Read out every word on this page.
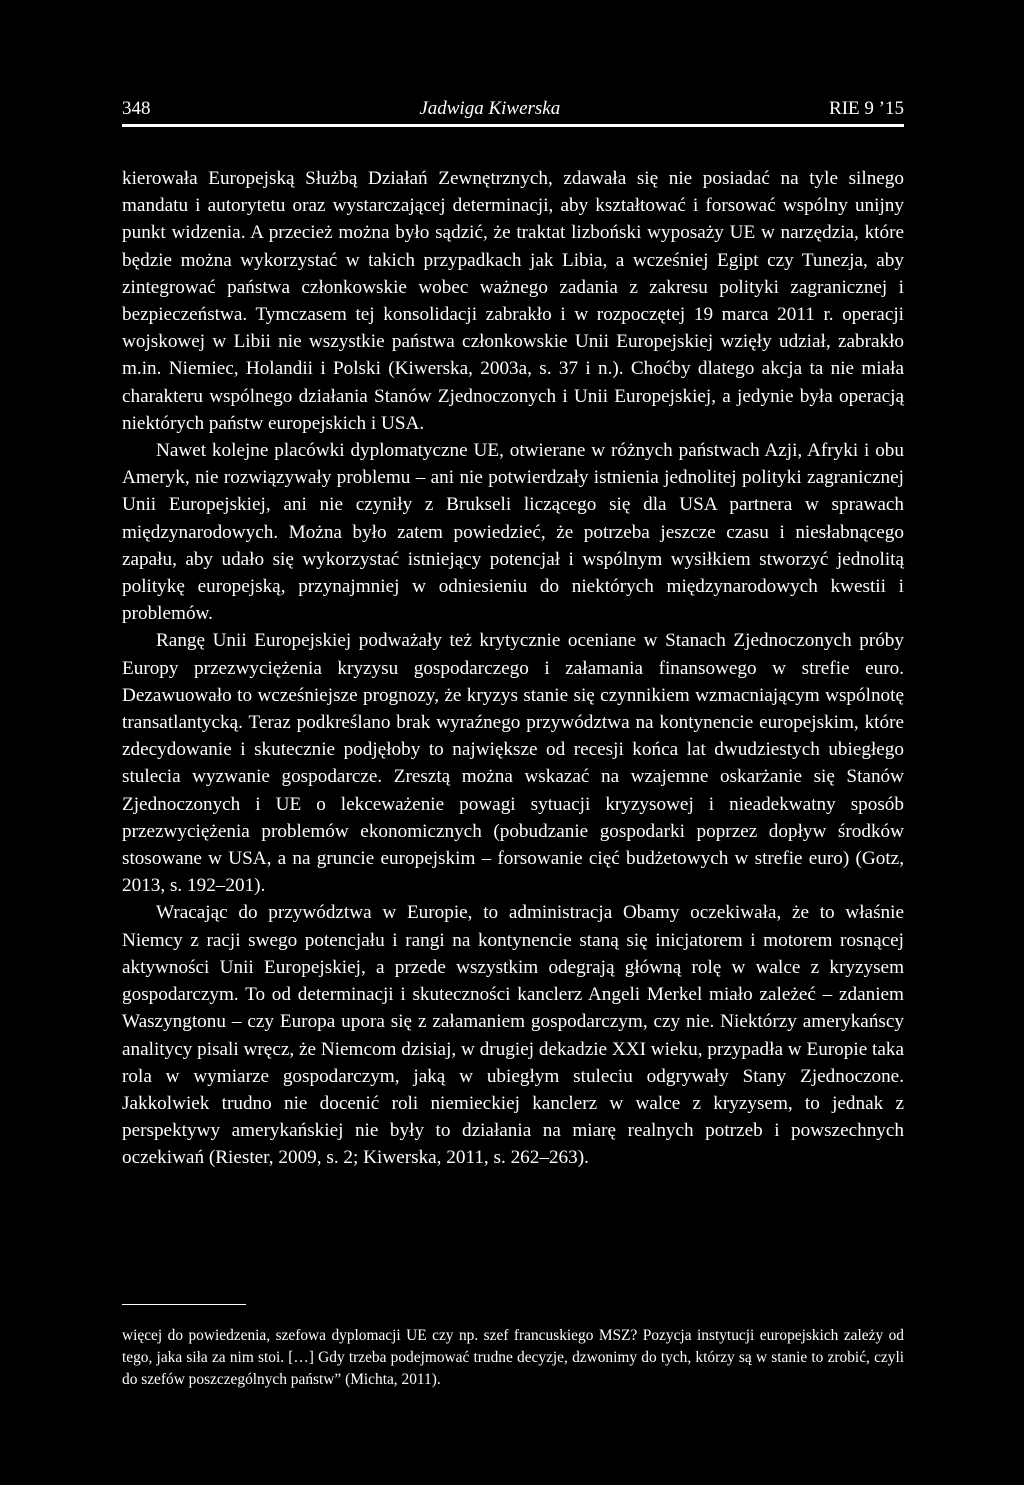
348	Jadwiga Kiwerska	RIE 9 ’15

kierowała Europejską Służbą Działań Zewnętrznych, zdawała się nie posiadać na tyle silnego mandatu i autorytetu oraz wystarczającej determinacji, aby kształtować i forsować wspólny unijny punkt widzenia. A przecież można było sądzić, że traktat lizboński wyposaży UE w narzędzia, które będzie można wykorzystać w takich przypadkach jak Libia, a wcześniej Egipt czy Tunezja, aby zintegrować państwa członkowskie wobec ważnego zadania z zakresu polityki zagranicznej i bezpieczeństwa. Tymczasem tej konsolidacji zabrakło i w rozpoczętej 19 marca 2011 r. operacji wojskowej w Libii nie wszystkie państwa członkowskie Unii Europejskiej wzięły udział, zabrakło m.in. Niemiec, Holandii i Polski (Kiwerska, 2003a, s. 37 i n.). Choćby dlatego akcja ta nie miała charakteru wspólnego działania Stanów Zjednoczonych i Unii Europejskiej, a jedynie była operacją niektórych państw europejskich i USA.

Nawet kolejne placówki dyplomatyczne UE, otwierane w różnych państwach Azji, Afryki i obu Ameryk, nie rozwiązywały problemu – ani nie potwierdzały istnienia jednolitej polityki zagranicznej Unii Europejskiej, ani nie czyniły z Brukseli liczącego się dla USA partnera w sprawach międzynarodowych. Można było zatem powiedzieć, że potrzeba jeszcze czasu i niesłabnącego zapału, aby udało się wykorzystać istniejący potencjał i wspólnym wysiłkiem stworzyć jednolitą politykę europejską, przynajmniej w odniesieniu do niektórych międzynarodowych kwestii i problemów.

Rangę Unii Europejskiej podważały też krytycznie oceniane w Stanach Zjednoczonych próby Europy przezwyciężenia kryzysu gospodarczego i załamania finansowego w strefie euro. Dezawuowało to wcześniejsze prognozy, że kryzys stanie się czynnikiem wzmacniającym wspólnotę transatlantycką. Teraz podkreślano brak wyraźnego przywództwa na kontynencie europejskim, które zdecydowanie i skutecznie podjęłoby to największe od recesji końca lat dwudziestych ubiegłego stulecia wyzwanie gospodarcze. Zresztą można wskazać na wzajemne oskarżanie się Stanów Zjednoczonych i UE o lekceważenie powagi sytuacji kryzysowej i nieadekwatny sposób przezwyciężenia problemów ekonomicznych (pobudzanie gospodarki poprzez dopływ środków stosowane w USA, a na gruncie europejskim – forsowanie cięć budżetowych w strefie euro) (Gotz, 2013, s. 192–201).

Wracając do przywództwa w Europie, to administracja Obamy oczekiwała, że to właśnie Niemcy z racji swego potencjału i rangi na kontynencie staną się inicjatorem i motorem rosnącej aktywności Unii Europejskiej, a przede wszystkim odegrają główną rolę w walce z kryzysem gospodarczym. To od determinacji i skuteczności kanclerz Angeli Merkel miało zależeć – zdaniem Waszyngtonu – czy Europa upora się z załamaniem gospodarczym, czy nie. Niektórzy amerykańscy analitycy pisali wręcz, że Niemcom dzisiaj, w drugiej dekadzie XXI wieku, przypadła w Europie taka rola w wymiarze gospodarczym, jaką w ubiegłym stuleciu odgrywały Stany Zjednoczone. Jakkolwiek trudno nie docenić roli niemieckiej kanclerz w walce z kryzysem, to jednak z perspektywy amerykańskiej nie były to działania na miarę realnych potrzeb i powszechnych oczekiwań (Riester, 2009, s. 2; Kiwerska, 2011, s. 262–263).

więcej do powiedzenia, szefowa dyplomacji UE czy np. szef francuskiego MSZ? Pozycja instytucji europejskich zależy od tego, jaka siła za nim stoi. […] Gdy trzeba podejmować trudne decyzje, dzwonimy do tych, którzy są w stanie to zrobić, czyli do szefów poszczególnych państw” (Michta, 2011).
